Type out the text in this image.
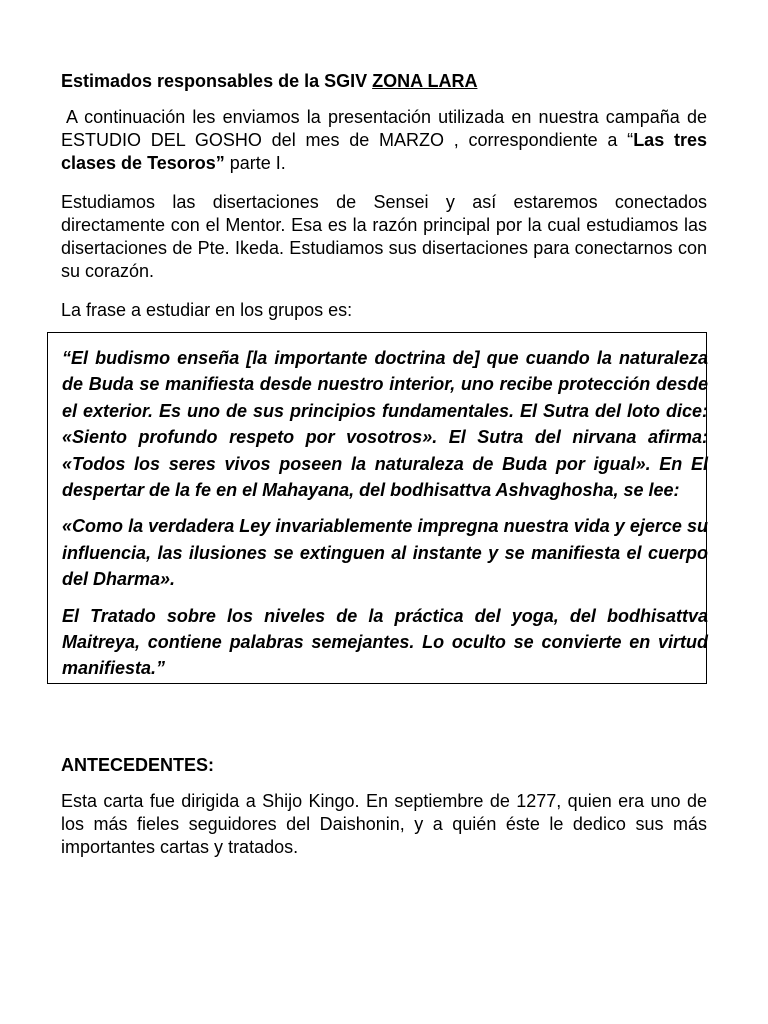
Estimados responsables de la SGIV ZONA LARA

A continuación les enviamos la presentación utilizada en nuestra campaña de ESTUDIO DEL GOSHO del mes de MARZO , correspondiente a “Las tres clases de Tesoros” parte I.

Estudiamos las disertaciones de Sensei y así estaremos conectados directamente con el Mentor. Esa es la razón principal por la cual estudiamos las disertaciones de Pte. Ikeda. Estudiamos sus disertaciones para conectarnos con su corazón.

La frase a estudiar en los grupos es:

“El budismo enseña [la importante doctrina de] que cuando la naturaleza de Buda se manifiesta desde nuestro interior, uno recibe protección desde el exterior. Es uno de sus principios fundamentales. El Sutra del loto dice: «Siento profundo respeto por vosotros». El Sutra del nirvana afirma: «Todos los seres vivos poseen la naturaleza de Buda por igual». En El despertar de la fe en el Mahayana, del bodhisattva Ashvaghosha, se lee:

«Como la verdadera Ley invariablemente impregna nuestra vida y ejerce su influencia, las ilusiones se extinguen al instante y se manifiesta el cuerpo del Dharma».

El Tratado sobre los niveles de la práctica del yoga, del bodhisattva Maitreya, contiene palabras semejantes. Lo oculto se convierte en virtud manifiesta.”

ANTECEDENTES:

Esta carta fue dirigida a Shijo Kingo. En septiembre de 1277, quien era uno de los más fieles seguidores del Daishonin, y a quién éste le dedico sus más importantes cartas y tratados.
